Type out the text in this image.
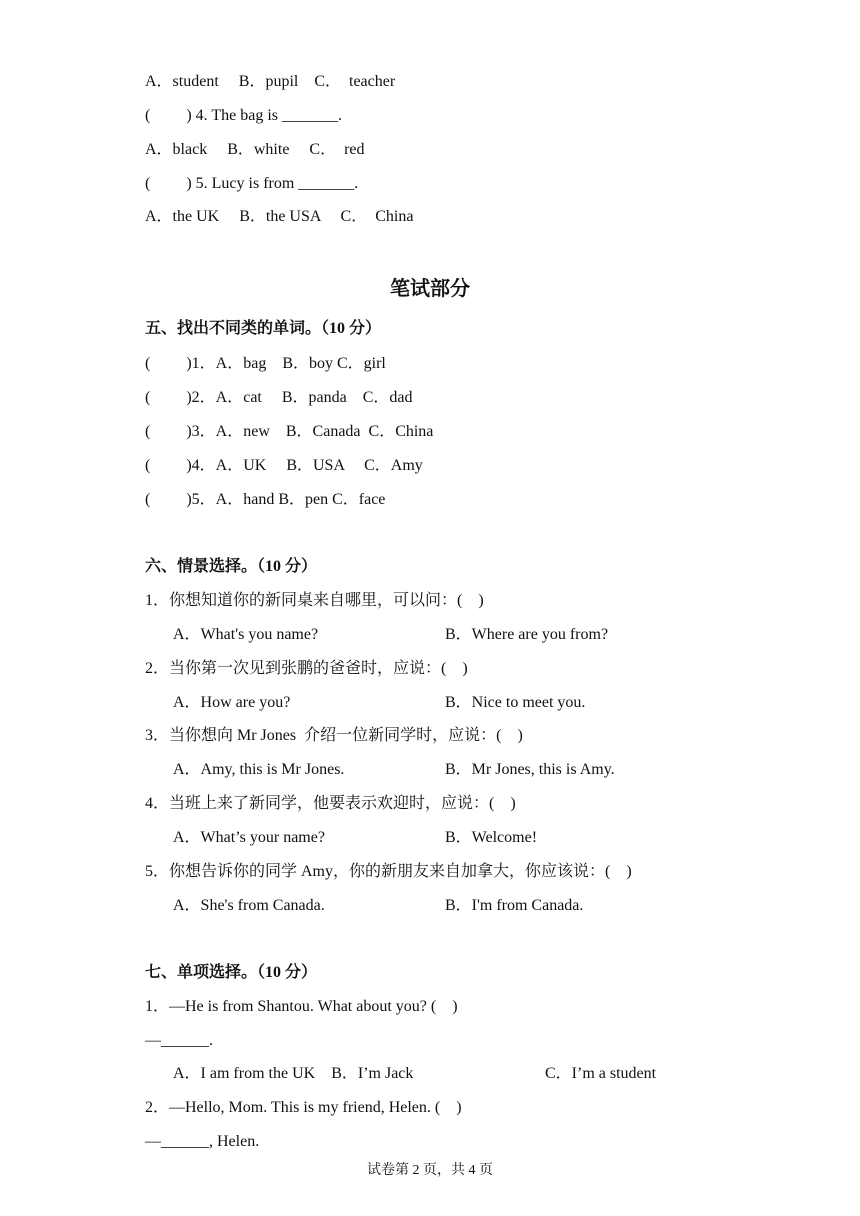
A．student　 B．pupil　C．　teacher
(　　 ) 4. The bag is _______.
A．black　 B．white　 C．　red
(　　 ) 5. Lucy is from _______.
A．the UK　 B．the USA　 C．　China
笔试部分
五、找出不同类的单词。（10 分）
(　　 )1．A．bag　B．boy C．girl
(　　 )2．A．cat　 B．panda　C．dad
(　　 )3．A．new　B．Canada  C．China
(　　 )4．A．UK　 B．USA　 C．Amy
(　　 )5．A．hand B．pen C．face
六、情景选择。（10 分）
1．你想知道你的新同桌来自哪里，可以问：(　)
A．What's you name?	B．Where are you from?
2．当你第一次见到张鹏的爸爸时，应说：(　)
A．How are you?	B．Nice to meet you.
3．当你想向 Mr Jones  介绍一位新同学时，应说：(　)
A．Amy, this is Mr Jones.	B．Mr Jones, this is Amy.
4．当班上来了新同学，他要表示欢迎时，应说：(　)
A．What’s your name?	B．Welcome!
5．你想告诉你的同学 Amy，你的新朋友来自加拿大，你应该说：(　)
A．She's from Canada.	B．I'm from Canada.
七、单项选择。（10 分）
1．—He is from Shantou. What about you? (　)
—______.
A．I am from the UK　B．I’m Jack	C．I’m a student
2．—Hello, Mom. This is my friend, Helen. (　)
—______, Helen.
试卷第 2 页，共 4 页
